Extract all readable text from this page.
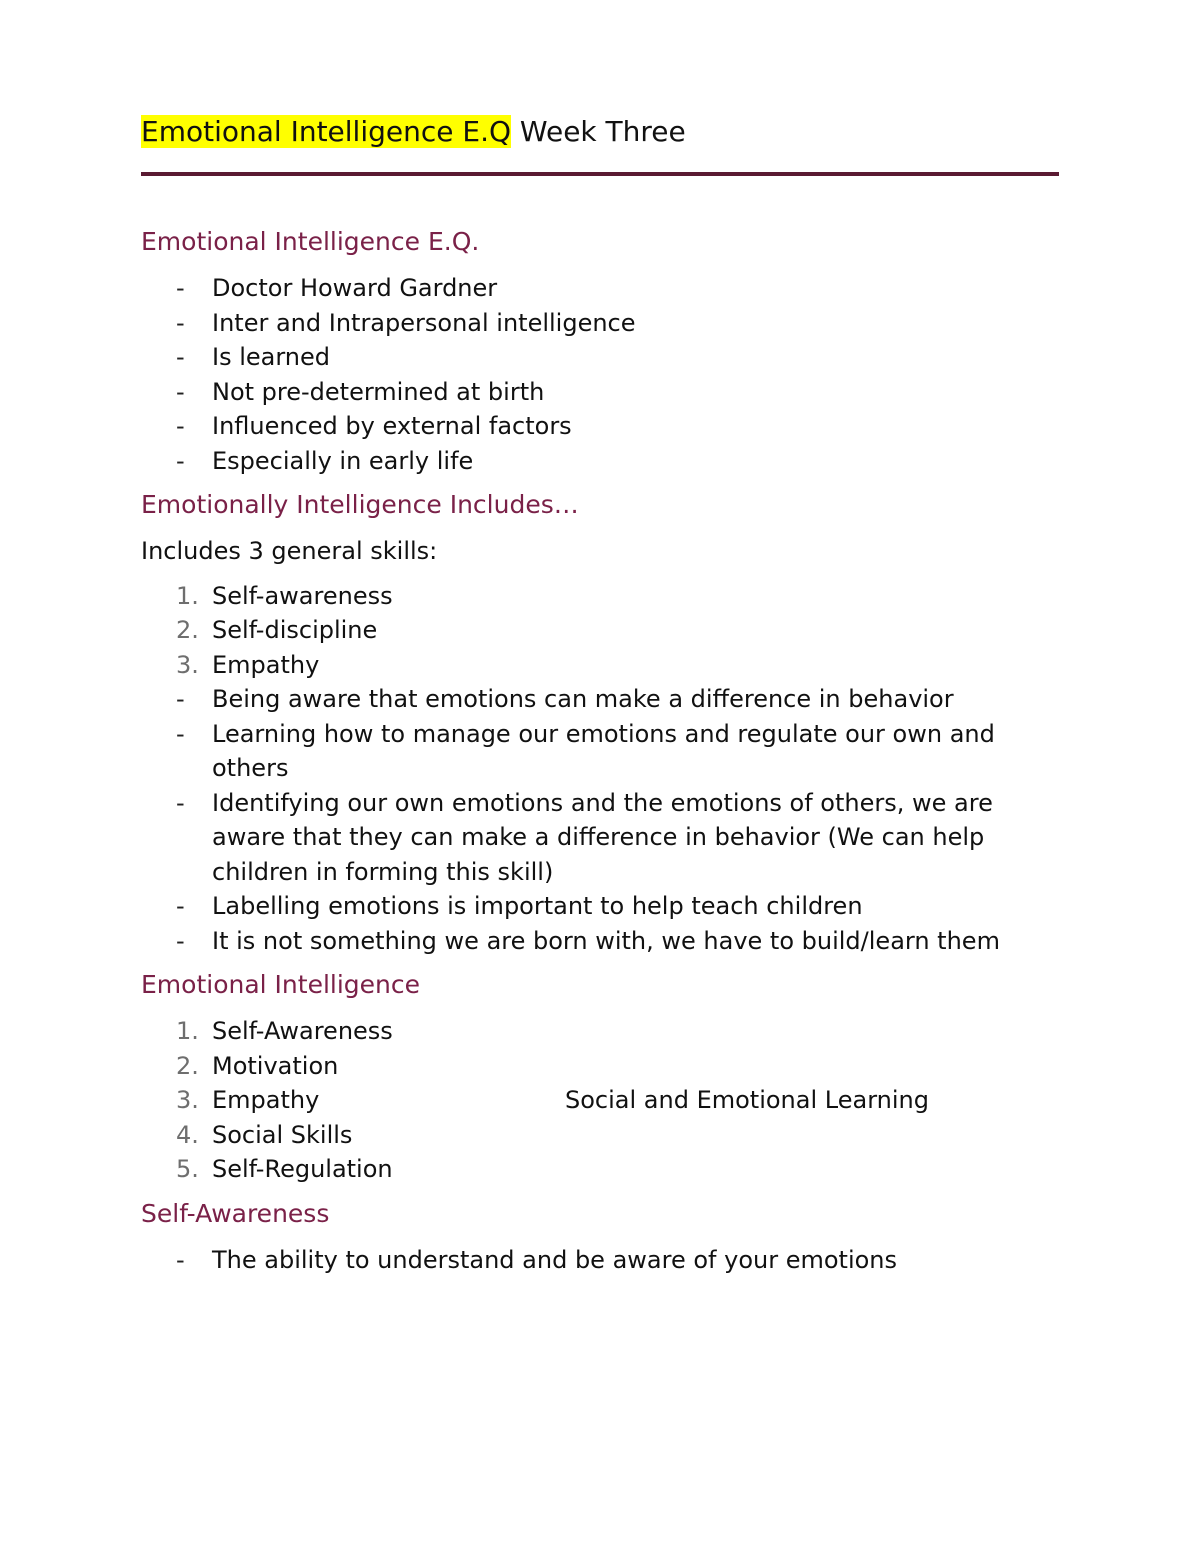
Emotional Intelligence E.Q Week Three
Emotional Intelligence E.Q.
- Doctor Howard Gardner
- Inter and Intrapersonal intelligence
- Is learned
- Not pre-determined at birth
- Influenced by external factors
- Especially in early life
Emotionally Intelligence Includes…

Includes 3 general skills:

1. Self-awareness
2. Self-discipline
3. Empathy
- Being aware that emotions can make a difference in behavior
- Learning how to manage our emotions and regulate our own and others
- Identifying our own emotions and the emotions of others, we are aware that they can make a difference in behavior (We can help children in forming this skill)
- Labelling emotions is important to help teach children
- It is not something we are born with, we have to build/learn them
Emotional Intelligence
1. Self-Awareness
2. Motivation
3. Empathy	Social and Emotional Learning
4. Social Skills
5. Self-Regulation
Self-Awareness
- The ability to understand and be aware of your emotions
